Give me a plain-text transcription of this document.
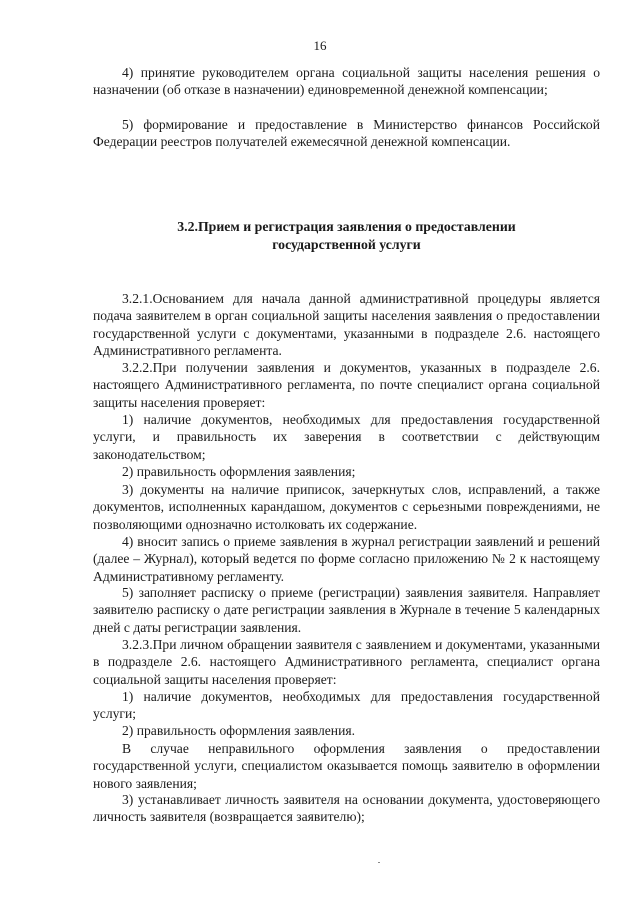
16

4) принятие руководителем органа социальной защиты населения решения о назначении (об отказе в назначении) единовременной денежной компенсации;

5) формирование и предоставление в Министерство финансов Российской Федерации реестров получателей ежемесячной денежной компенсации.

3.2.Прием и регистрация заявления о предоставлении
государственной услуги

3.2.1.Основанием для начала данной административной процедуры является подача заявителем в орган социальной защиты населения заявления о предоставлении государственной услуги с документами, указанными в подразделе 2.6. настоящего Административного регламента.

3.2.2.При получении заявления и документов, указанных в подразделе 2.6. настоящего Административного регламента, по почте специалист органа социальной защиты населения проверяет:

1) наличие документов, необходимых для предоставления государственной услуги, и правильность их заверения в соответствии с действующим законодательством;

2) правильность оформления заявления;

3) документы на наличие приписок, зачеркнутых слов, исправлений, а также документов, исполненных карандашом, документов с серьезными повреждениями, не позволяющими однозначно истолковать их содержание.

4) вносит запись о приеме заявления в журнал регистрации заявлений и решений (далее – Журнал), который ведется по форме согласно приложению № 2 к настоящему Административному регламенту.

5) заполняет расписку о приеме (регистрации) заявления заявителя. Направляет заявителю расписку о дате регистрации заявления в Журнале в течение 5 календарных дней с даты регистрации заявления.

3.2.3.При личном обращении заявителя с заявлением и документами, указанными в подразделе 2.6. настоящего Административного регламента, специалист органа социальной защиты населения проверяет:

1) наличие документов, необходимых для предоставления государственной услуги;

2) правильность оформления заявления.

В случае неправильного оформления заявления о предоставлении государственной услуги, специалистом оказывается помощь заявителю в оформлении нового заявления;

3) устанавливает личность заявителя на основании документа, удостоверяющего личность заявителя (возвращается заявителю);
